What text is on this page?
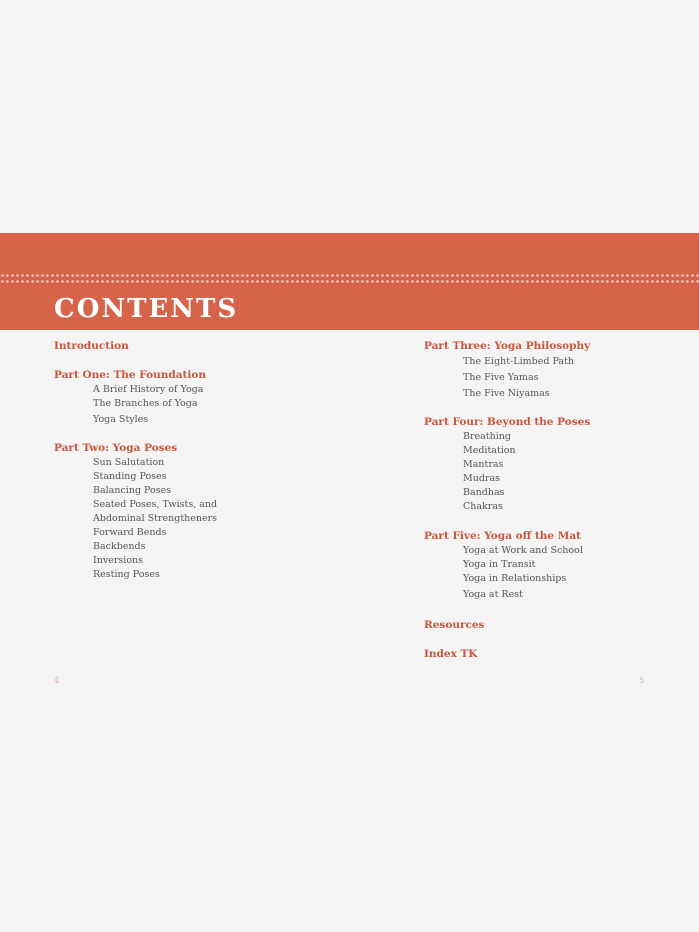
CONTENTS
Introduction
Part One: The Foundation
A Brief History of Yoga
The Branches of Yoga
Yoga Styles
Part Two: Yoga Poses
Sun Salutation
Standing Poses
Balancing Poses
Seated Poses, Twists, and
Abdominal Strengtheners
Forward Bends
Backbends
Inversions
Resting Poses
Part Three: Yoga Philosophy
The Eight-Limbed Path
The Five Yamas
The Five Niyamas
Part Four: Beyond the Poses
Breathing
Meditation
Mantras
Mudras
Bandhas
Chakras
Part Five: Yoga off the Mat
Yoga at Work and School
Yoga in Transit
Yoga in Relationships
Yoga at Rest
Resources
Index TK
4	5
